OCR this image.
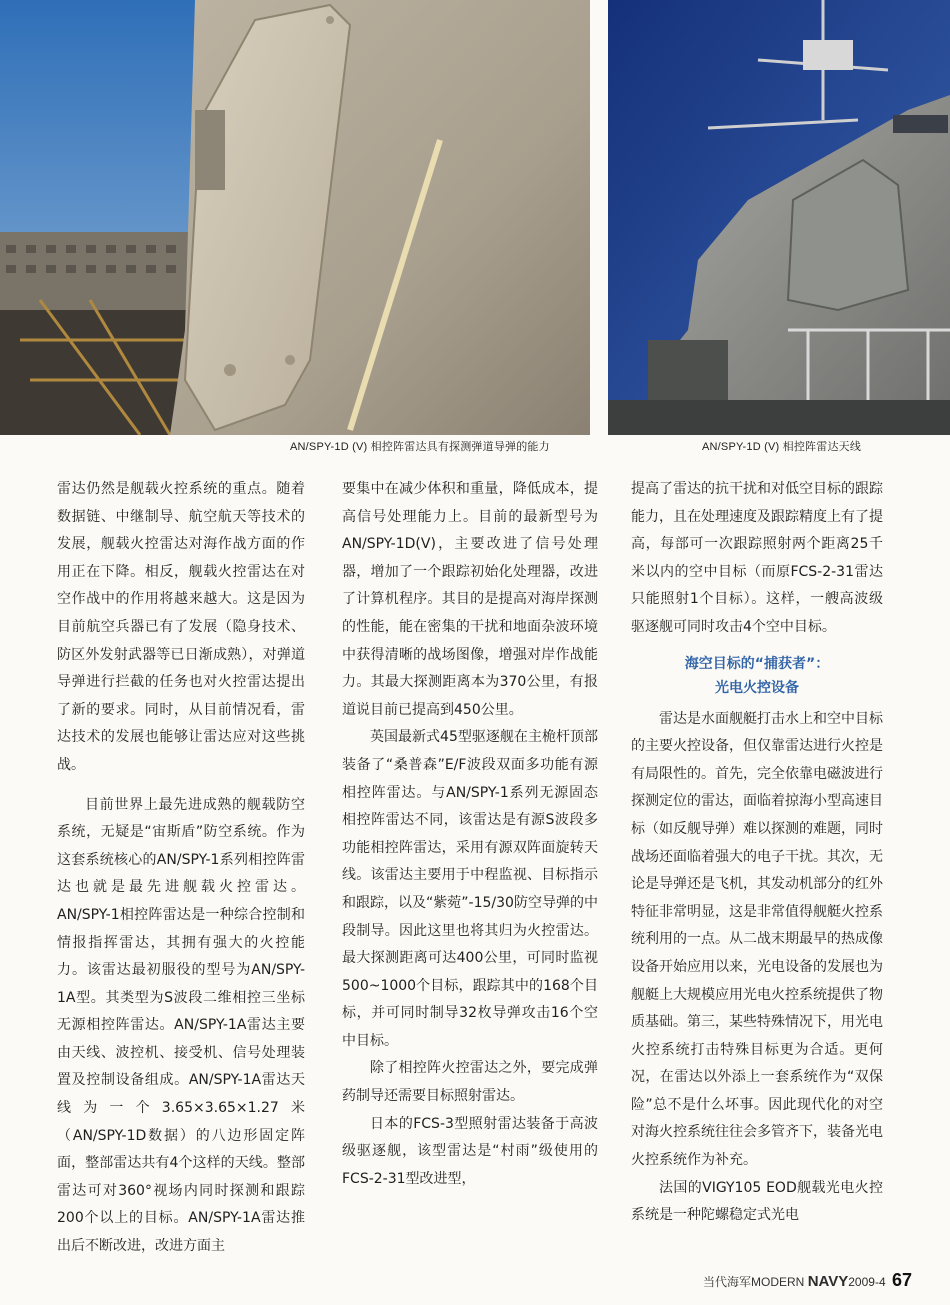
AN/SPY-1D (V) 相控阵雷达具有探测弹道导弹的能力	AN/SPY-1D (V) 相控阵雷达天线

雷达仍然是舰载火控系统的重点。随着数据链、中继制导、航空航天等技术的发展，舰载火控雷达对海作战方面的作用正在下降。相反，舰载火控雷达在对空作战中的作用将越来越大。这是因为目前航空兵器已有了发展（隐身技术、防区外发射武器等已日渐成熟），对弹道导弹进行拦截的任务也对火控雷达提出了新的要求。同时，从目前情况看，雷达技术的发展也能够让雷达应对这些挑战。

目前世界上最先进成熟的舰载防空系统，无疑是“宙斯盾”防空系统。作为这套系统核心的AN/SPY-1系列相控阵雷达也就是最先进舰载火控雷达。AN/SPY-1相控阵雷达是一种综合控制和情报指挥雷达，其拥有强大的火控能力。该雷达最初服役的型号为AN/SPY-1A型。其类型为S波段二维相控三坐标无源相控阵雷达。AN/SPY-1A雷达主要由天线、波控机、接受机、信号处理装置及控制设备组成。AN/SPY-1A雷达天线为一个3.65×3.65×1.27米（AN/SPY-1D数据）的八边形固定阵面，整部雷达共有4个这样的天线。整部雷达可对360°视场内同时探测和跟踪200个以上的目标。AN/SPY-1A雷达推出后不断改进，改进方面主

要集中在减少体积和重量，降低成本，提高信号处理能力上。目前的最新型号为AN/SPY-1D(V)，主要改进了信号处理器，增加了一个跟踪初始化处理器，改进了计算机程序。其目的是提高对海岸探测的性能，能在密集的干扰和地面杂波环境中获得清晰的战场图像，增强对岸作战能力。其最大探测距离本为370公里，有报道说目前已提高到450公里。

英国最新式45型驱逐舰在主桅杆顶部装备了“桑普森”E/F波段双面多功能有源相控阵雷达。与AN/SPY-1系列无源固态相控阵雷达不同，该雷达是有源S波段多功能相控阵雷达，采用有源双阵面旋转天线。该雷达主要用于中程监视、目标指示和跟踪，以及“紫菀”-15/30防空导弹的中段制导。因此这里也将其归为火控雷达。最大探测距离可达400公里，可同时监视500~1000个目标，跟踪其中的168个目标，并可同时制导32枚导弹攻击16个空中目标。

除了相控阵火控雷达之外，要完成弹药制导还需要目标照射雷达。

日本的FCS-3型照射雷达装备于高波级驱逐舰，该型雷达是“村雨”级使用的FCS-2-31型改进型，

提高了雷达的抗干扰和对低空目标的跟踪能力，且在处理速度及跟踪精度上有了提高，每部可一次跟踪照射两个距离25千米以内的空中目标（而原FCS-2-31雷达只能照射1个目标）。这样，一艘高波级驱逐舰可同时攻击4个空中目标。

海空目标的“捕获者”：
光电火控设备

雷达是水面舰艇打击水上和空中目标的主要火控设备，但仅靠雷达进行火控是有局限性的。首先，完全依靠电磁波进行探测定位的雷达，面临着掠海小型高速目标（如反舰导弹）难以探测的难题，同时战场还面临着强大的电子干扰。其次，无论是导弹还是飞机，其发动机部分的红外特征非常明显，这是非常值得舰艇火控系统利用的一点。从二战末期最早的热成像设备开始应用以来，光电设备的发展也为舰艇上大规模应用光电火控系统提供了物质基础。第三，某些特殊情况下，用光电火控系统打击特殊目标更为合适。更何况，在雷达以外添上一套系统作为“双保险”总不是什么坏事。因此现代化的对空对海火控系统往往会多管齐下，装备光电火控系统作为补充。

法国的VIGY105 EOD舰载光电火控系统是一种陀螺稳定式光电

当代海军MODERN NAVY2009-4 67
